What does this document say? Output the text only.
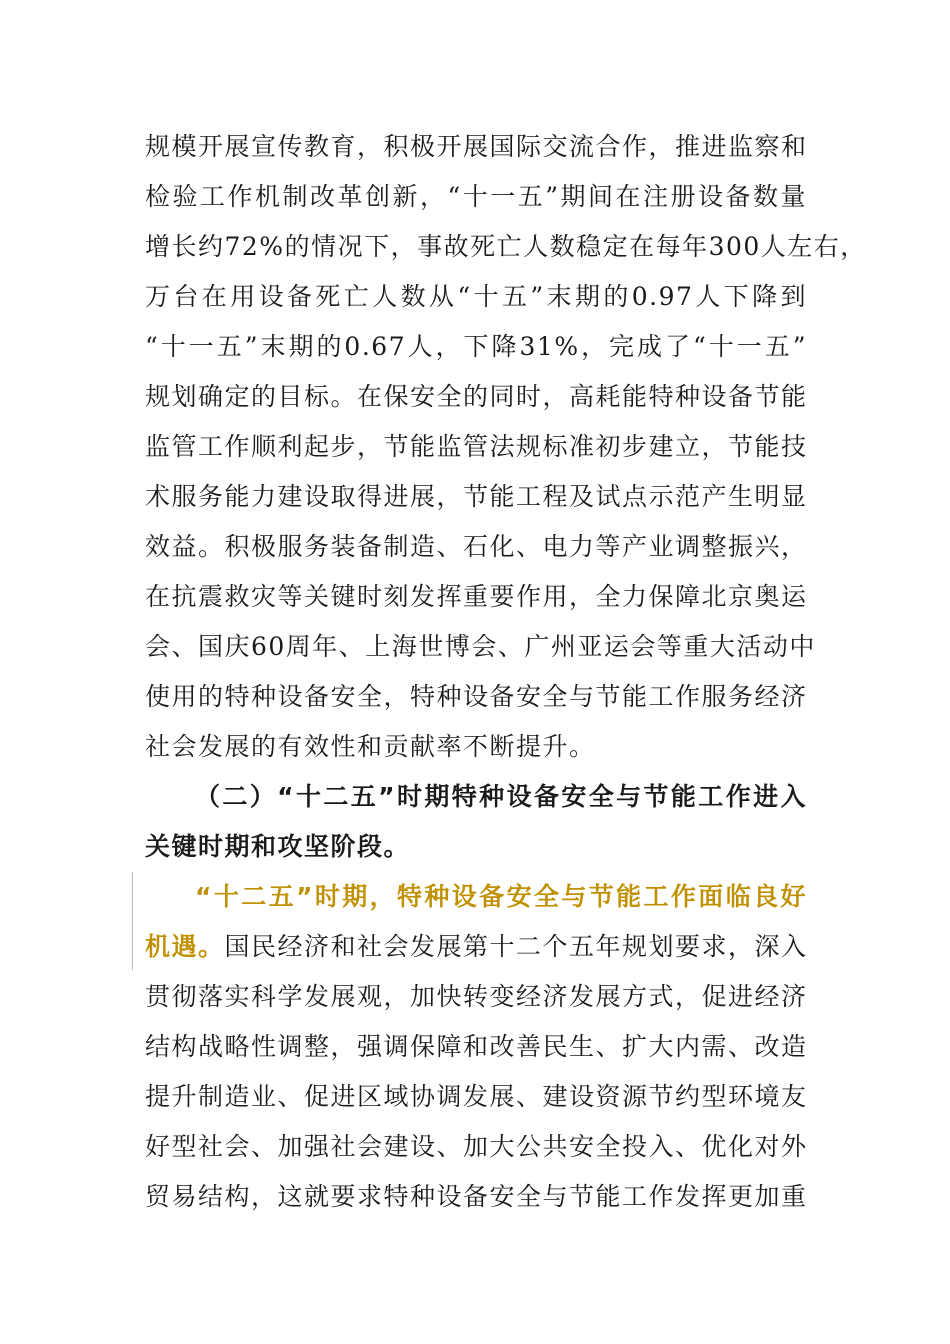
规模开展宣传教育，积极开展国际交流合作，推进监察和
检验工作机制改革创新，“十一五”期间在注册设备数量
增长约72%的情况下，事故死亡人数稳定在每年300人左右，
万台在用设备死亡人数从“十五”末期的0.97人下降到
“十一五”末期的0.67人，下降31%，完成了“十一五”
规划确定的目标。在保安全的同时，高耗能特种设备节能
监管工作顺利起步，节能监管法规标准初步建立，节能技
术服务能力建设取得进展，节能工程及试点示范产生明显
效益。积极服务装备制造、石化、电力等产业调整振兴，
在抗震救灾等关键时刻发挥重要作用，全力保障北京奥运
会、国庆60周年、上海世博会、广州亚运会等重大活动中
使用的特种设备安全，特种设备安全与节能工作服务经济
社会发展的有效性和贡献率不断提升。
（二）“十二五”时期特种设备安全与节能工作进入
关键时期和攻坚阶段。
“十二五”时期，特种设备安全与节能工作面临良好
机遇。国民经济和社会发展第十二个五年规划要求，深入
贯彻落实科学发展观，加快转变经济发展方式，促进经济
结构战略性调整，强调保障和改善民生、扩大内需、改造
提升制造业、促进区域协调发展、建设资源节约型环境友
好型社会、加强社会建设、加大公共安全投入、优化对外
贸易结构，这就要求特种设备安全与节能工作发挥更加重
